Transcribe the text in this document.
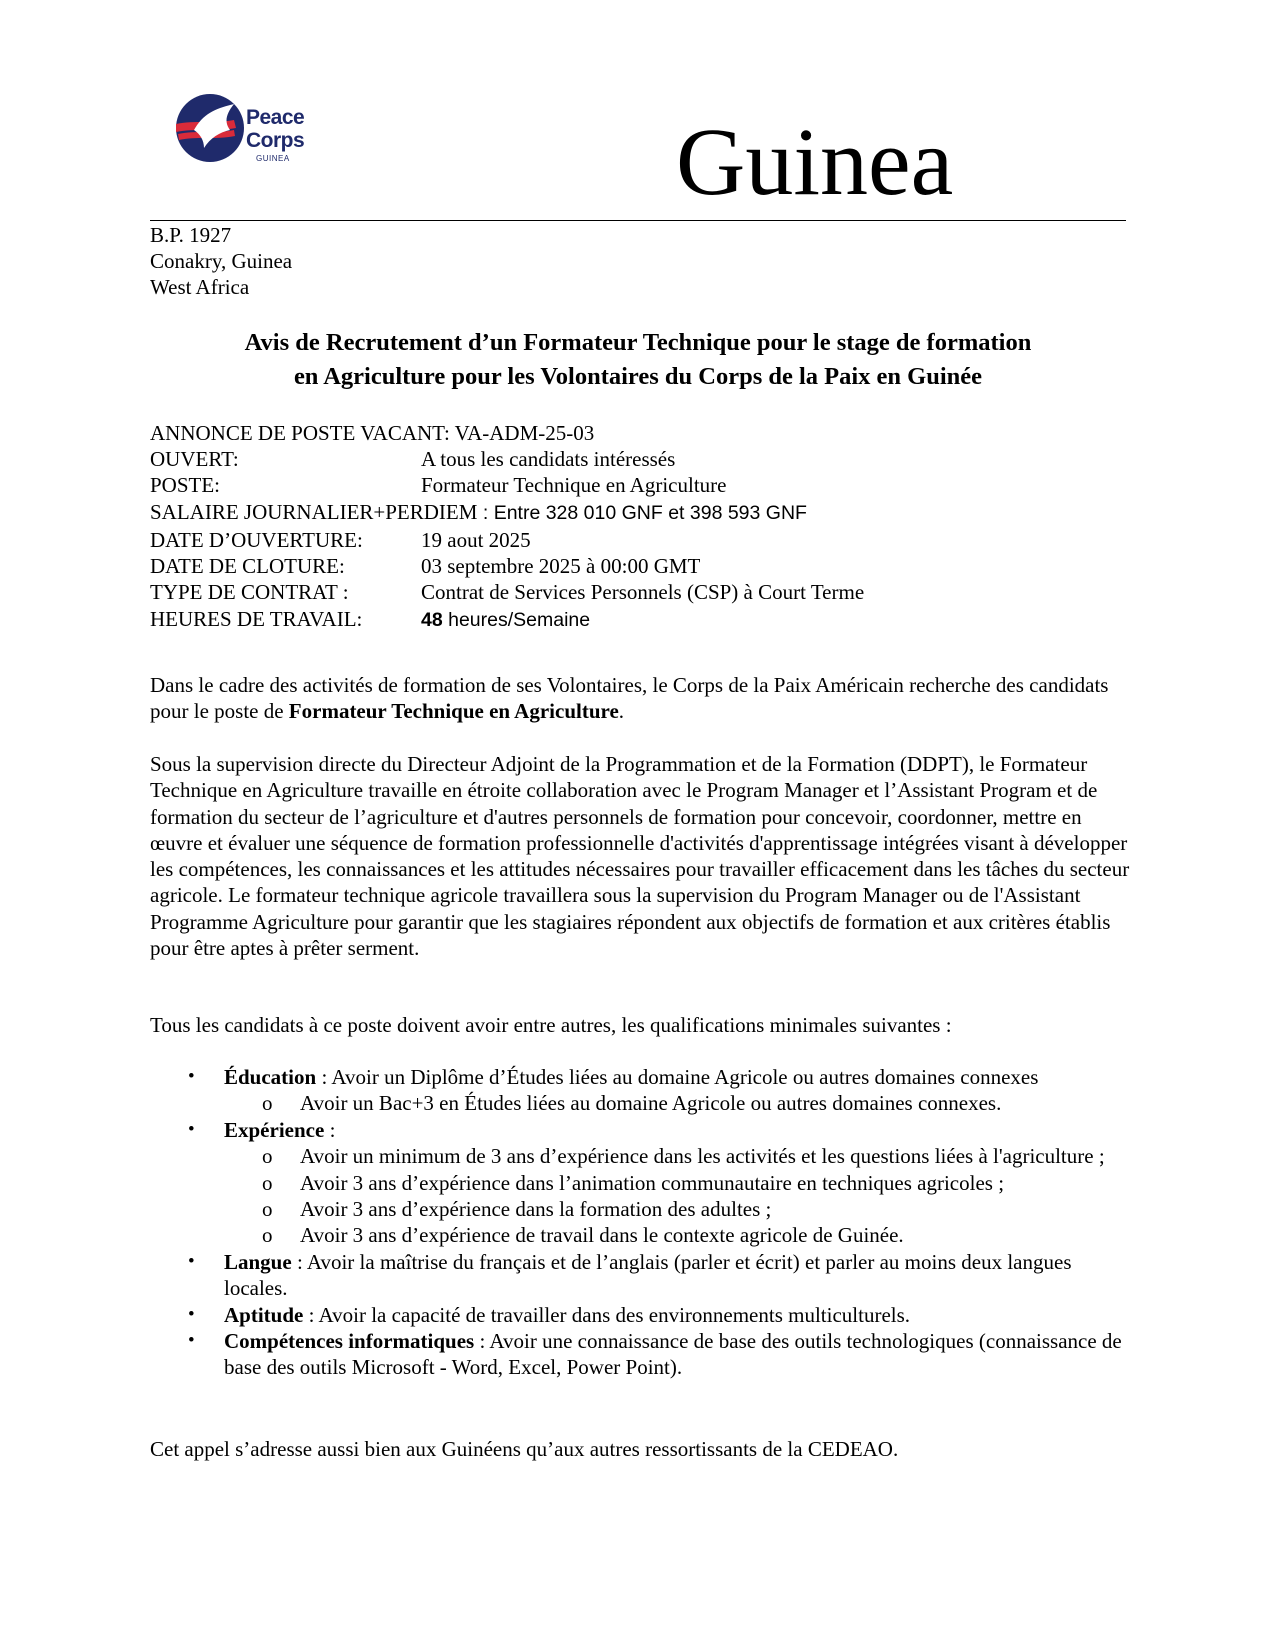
Peace
Corps
GUINEA	Guinea
B.P. 1927
Conakry, Guinea
West Africa
Avis de Recrutement d’un Formateur Technique pour le stage de formation
en Agriculture pour les Volontaires du Corps de la Paix en Guinée
ANNONCE DE POSTE VACANT: VA-ADM-25-03
OUVERT:	A tous les candidats intéressés
POSTE:	Formateur Technique en Agriculture
SALAIRE JOURNALIER+PERDIEM : Entre 328 010 GNF et 398 593 GNF
DATE D’OUVERTURE:	19 aout 2025
DATE DE CLOTURE:	03 septembre 2025 à 00:00 GMT
TYPE DE CONTRAT :	Contrat de Services Personnels (CSP) à Court Terme
HEURES DE TRAVAIL:	48 heures/Semaine

Dans le cadre des activités de formation de ses Volontaires, le Corps de la Paix Américain recherche des candidats pour le poste de Formateur Technique en Agriculture.

Sous la supervision directe du Directeur Adjoint de la Programmation et de la Formation (DDPT), le Formateur Technique en Agriculture travaille en étroite collaboration avec le Program Manager et l’Assistant Program et de formation du secteur de l’agriculture et d'autres personnels de formation pour concevoir, coordonner, mettre en œuvre et évaluer une séquence de formation professionnelle d'activités d'apprentissage intégrées visant à développer les compétences, les connaissances et les attitudes nécessaires pour travailler efficacement dans les tâches du secteur agricole. Le formateur technique agricole travaillera sous la supervision du Program Manager ou de l'Assistant Programme Agriculture pour garantir que les stagiaires répondent aux objectifs de formation et aux critères établis pour être aptes à prêter serment.

Tous les candidats à ce poste doivent avoir entre autres, les qualifications minimales suivantes :

• Éducation : Avoir un Diplôme d’Études liées au domaine Agricole ou autres domaines connexes
o Avoir un Bac+3 en Études liées au domaine Agricole ou autres domaines connexes.
• Expérience :
o Avoir un minimum de 3 ans d’expérience dans les activités et les questions liées à l'agriculture ;
o Avoir 3 ans d’expérience dans l’animation communautaire en techniques agricoles ;
o Avoir 3 ans d’expérience dans la formation des adultes ;
o Avoir 3 ans d’expérience de travail dans le contexte agricole de Guinée.
• Langue : Avoir la maîtrise du français et de l’anglais (parler et écrit) et parler au moins deux langues locales.
• Aptitude : Avoir la capacité de travailler dans des environnements multiculturels.
• Compétences informatiques : Avoir une connaissance de base des outils technologiques (connaissance de base des outils Microsoft - Word, Excel, Power Point).

Cet appel s’adresse aussi bien aux Guinéens qu’aux autres ressortissants de la CEDEAO.
